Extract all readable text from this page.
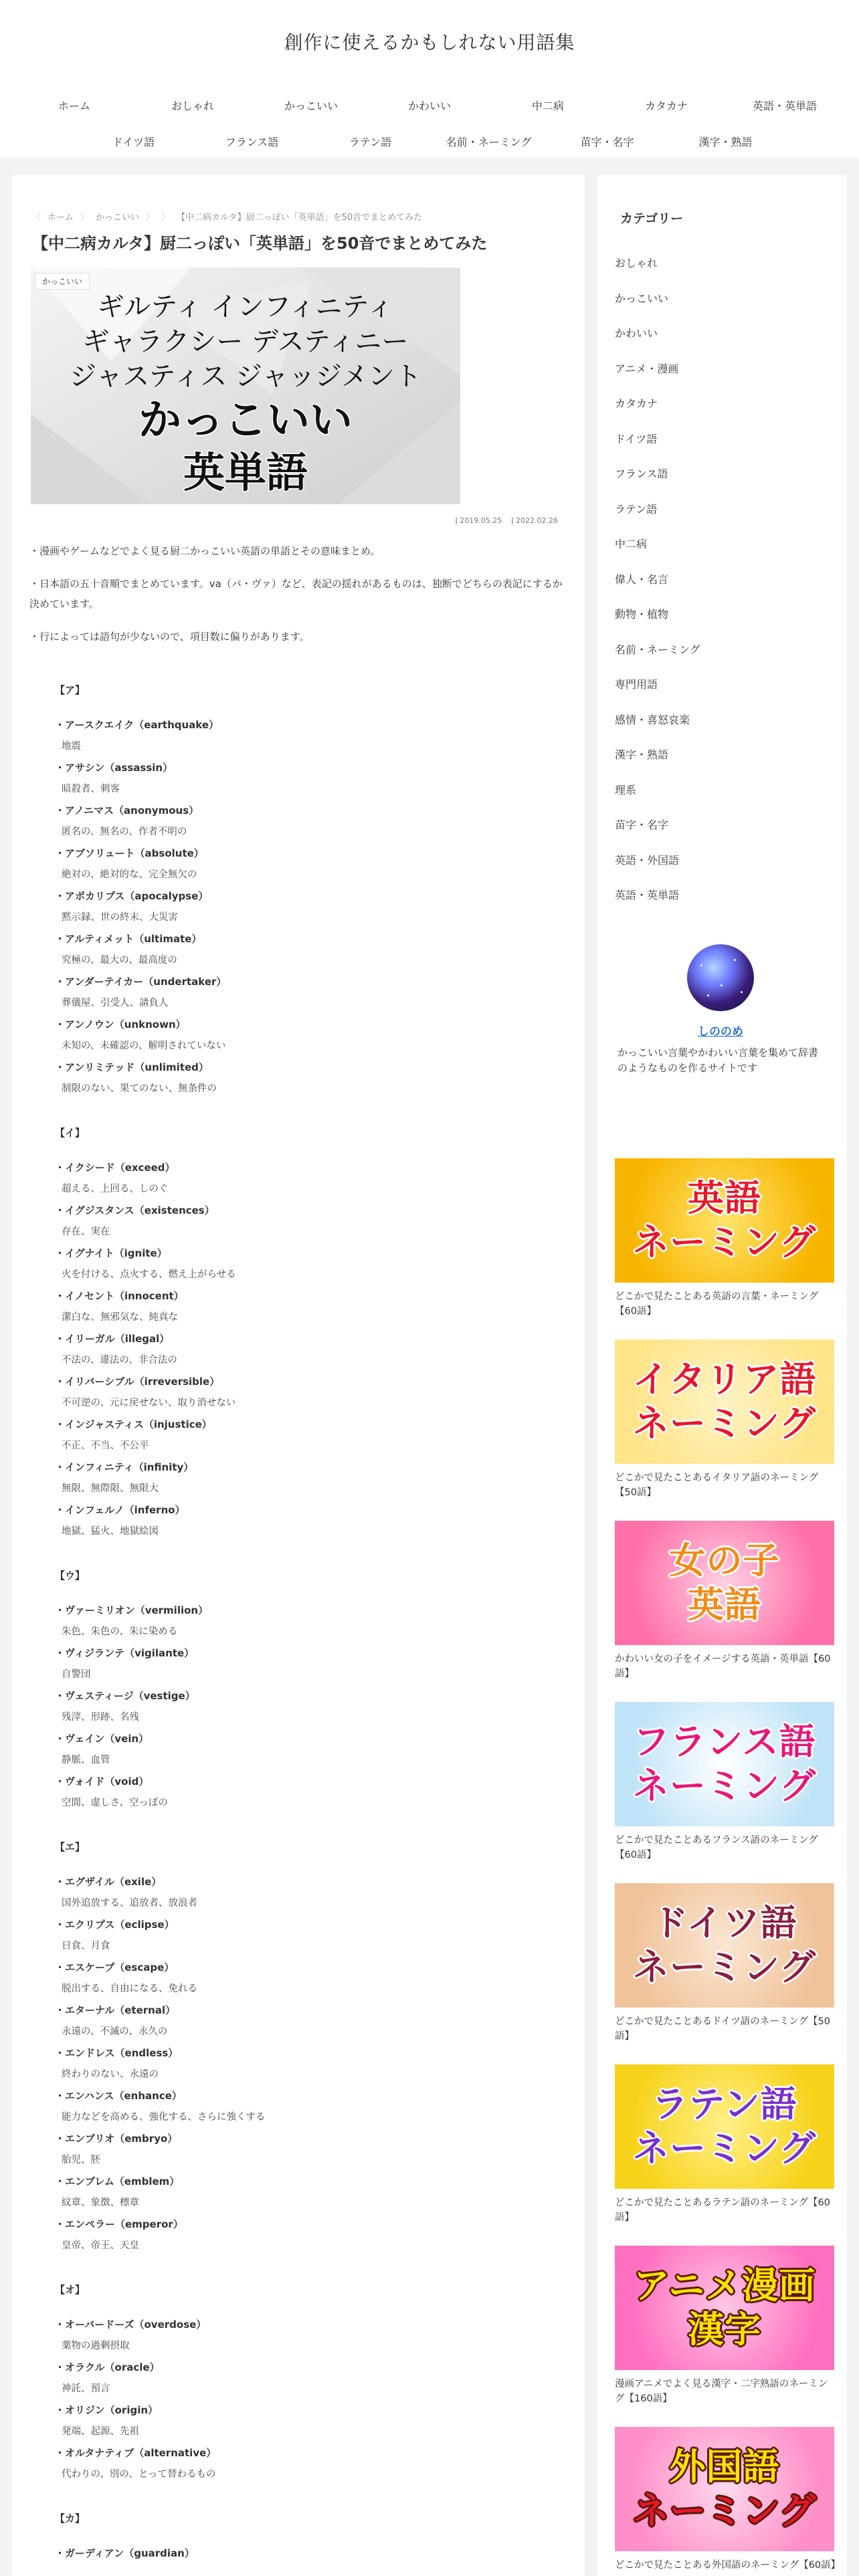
創作に使えるかもしれない用語集
ホーム	おしゃれ	かっこいい	かわいい	中二病	カタカナ	英語・英単語
ドイツ語	フランス語	ラテン語	名前・ネーミング	苗字・名字	漢字・熟語
〈 ホーム 〉 かっこいい 〉 〉 【中二病カルタ】厨二っぽい「英単語」を50音でまとめてみた
【中二病カルタ】厨二っぽい「英単語」を50音でまとめてみた
ギルティ インフィニティ
ギャラクシー デスティニー
ジャスティス ジャッジメント
かっこいい
英単語
かっこいい
ǀ 2019.05.25 ǀ 2022.02.26

・漫画やゲームなどでよく見る厨二かっこいい英語の単語とその意味まとめ。

・日本語の五十音順でまとめています。va（バ・ヴァ）など、表記の揺れがあるものは、独断でどちらの表記にするか決めています。

・行によっては語句が少ないので、項目数に偏りがあります。

【ア】
・アースクエイク（earthquake）
地震
・アサシン（assassin）
暗殺者、刺客
・アノニマス（anonymous）
匿名の、無名の、作者不明の
・アブソリュート（absolute）
絶対の、絶対的な、完全無欠の
・アポカリプス（apocalypse）
黙示録、世の終末、大災害
・アルティメット（ultimate）
究極の、最大の、最高度の
・アンダーテイカー（undertaker）
葬儀屋、引受人、請負人
・アンノウン（unknown）
未知の、未確認の、解明されていない
・アンリミテッド（unlimited）
制限のない、果てのない、無条件の
【イ】
・イクシード（exceed）
超える、上回る、しのぐ
・イグジスタンス（existences）
存在、実在
・イグナイト（ignite）
火を付ける、点火する、燃え上がらせる
・イノセント（innocent）
潔白な、無邪気な、純真な
・イリーガル（illegal）
不法の、違法の、非合法の
・イリバーシブル（irreversible）
不可逆の、元に戻せない、取り消せない
・インジャスティス（injustice）
不正、不当、不公平
・インフィニティ（infinity）
無限、無際限、無限大
・インフェルノ（inferno）
地獄、猛火、地獄絵図
【ウ】
・ヴァーミリオン（vermilion）
朱色、朱色の、朱に染める
・ヴィジランテ（vigilante）
自警団
・ヴェスティージ（vestige）
残滓、形跡、名残
・ヴェイン（vein）
静脈、血管
・ヴォイド（void）
空間、虚しさ、空っぽの
【エ】
・エグザイル（exile）
国外追放する、追放者、放浪者
・エクリプス（eclipse）
日食、月食
・エスケープ（escape）
脱出する、自由になる、免れる
・エターナル（eternal）
永遠の、不滅の、永久の
・エンドレス（endless）
終わりのない、永遠の
・エンハンス（enhance）
能力などを高める、強化する、さらに強くする
・エンブリオ（embryo）
胎児、胚
・エンブレム（emblem）
紋章、象徴、標章
・エンペラー（emperor）
皇帝、帝王、天皇
【オ】
・オーバードーズ（overdose）
薬物の過剰摂取
・オラクル（oracle）
神託、預言
・オリジン（origin）
発端、起源、先祖
・オルタナティブ（alternative）
代わりの、別の、とって替わるもの
【カ】
・ガーディアン（guardian）
カテゴリー
おしゃれ
かっこいい
かわいい
アニメ・漫画
カタカナ
ドイツ語
フランス語
ラテン語
中二病
偉人・名言
動物・植物
名前・ネーミング
専門用語
感情・喜怒哀楽
漢字・熟語
理系
苗字・名字
英語・外国語
英語・英単語
しののめ
かっこいい言葉やかわいい言葉を集めて辞書のようなものを作るサイトです
英語
ネーミング
どこかで見たことある英語の言葉・ネーミング【60語】
イタリア語
ネーミング
どこかで見たことあるイタリア語のネーミング【50語】
女の子
英語
かわいい女の子をイメージする英語・英単語【60語】
フランス語
ネーミング
どこかで見たことあるフランス語のネーミング【60語】
ドイツ語
ネーミング
どこかで見たことあるドイツ語のネーミング【50語】
ラテン語
ネーミング
どこかで見たことあるラテン語のネーミング【60語】
アニメ漫画
漢字
漫画アニメでよく見る漢字・二字熟語のネーミング【160語】
外国語
ネーミング
どこかで見たことある外国語のネーミング【60語】
